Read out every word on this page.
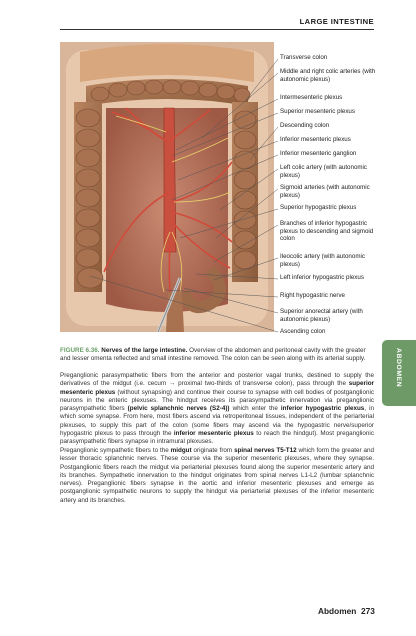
LARGE INTESTINE
Transverse colon
Middle and right colic arteries (with autonomic plexus)
Intermesenteric plexus
Superior mesenteric plexus
Descending colon
Inferior mesenteric plexus
Inferior mesenteric ganglion
Left colic artery (with autonomic plexus)
Sigmoid arteries (with autonomic plexus)
Superior hypogastric plexus
Branches of inferior hypogastric plexus to descending and sigmoid colon
Ileocolic artery (with autonomic plexus)
Left inferior hypogastric plexus
Right hypogastric nerve
Superior anorectal artery (with autonomic plexus)
Ascending colon
FIGURE 6.36. Nerves of the large intestine. Overview of the abdomen and peritoneal cavity with the greater and lesser omenta reflected and small intestine removed. The colon can be seen along with its arterial supply.
Preganglionic parasympathetic fibers from the anterior and posterior vagal trunks, destined to supply the derivatives of the midgut (i.e. cecum → proximal two-thirds of transverse colon), pass through the superior mesenteric plexus (without synapsing) and continue their course to synapse with cell bodies of postganglionic neurons in the enteric plexuses. The hindgut receives its parasympathetic innervation via preganglionic parasympathetic fibers (pelvic splanchnic nerves (S2-4)) which enter the inferior hypogastric plexus, in which some synapse. From here, most fibers ascend via retroperitoneal tissues, independent of the periarterial plexuses, to supply this part of the colon (some fibers may ascend via the hypogastric nerve/superior hypogastric plexus to pass through the inferior mesenteric plexus to reach the hindgut). Most preganglionic parasympathetic fibers synapse in intramural plexuses.
Preganglionic sympathetic fibers to the midgut originate from spinal nerves T5-T12 which form the greater and lesser thoracic splanchnic nerves. These course via the superior mesenteric plexuses, where they synapse. Postganglionic fibers reach the midgut via periarterial plexuses found along the superior mesenteric artery and its branches. Sympathetic innervation to the hindgut originates from spinal nerves L1-L2 (lumbar splanchnic nerves). Preganglionic fibers synapse in the aortic and inferior mesenteric plexuses and emerge as postganglionic sympathetic neurons to supply the hindgut via periarterial plexuses of the inferior mesenteric artery and its branches.
ABDOMEN
Abdomen 273
